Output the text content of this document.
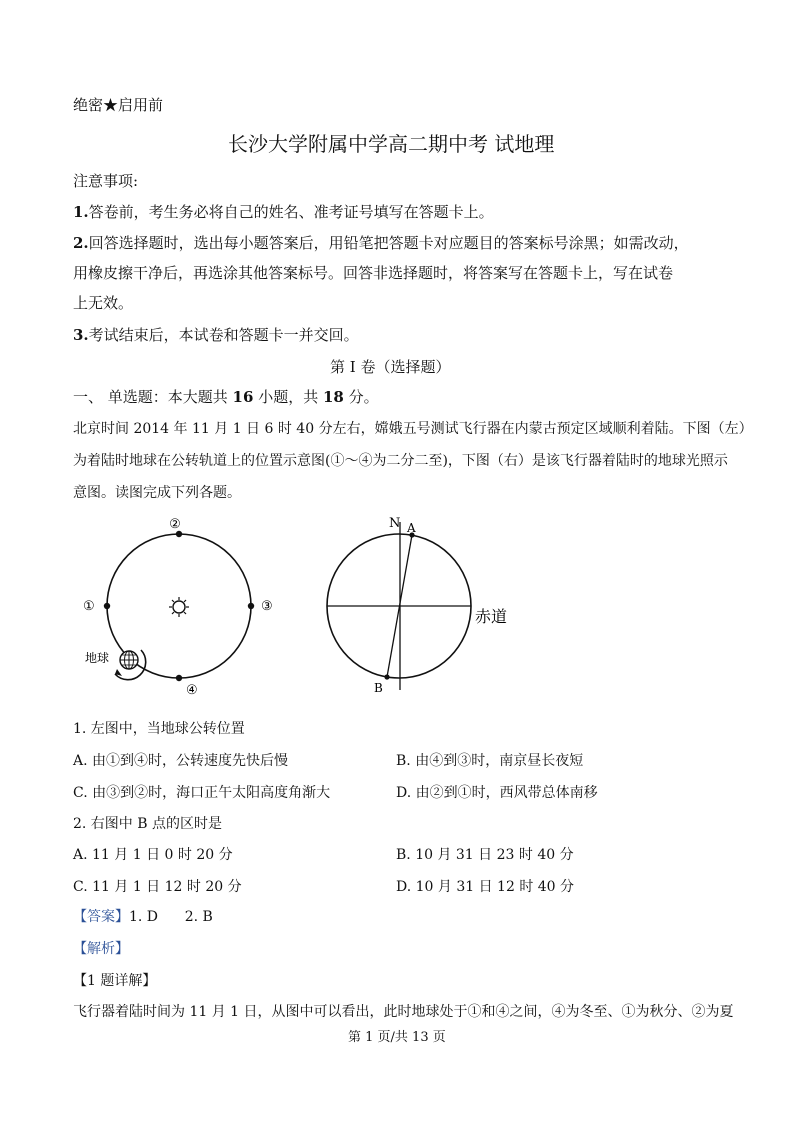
绝密★启用前
长沙大学附属中学高二期中考 试地理
注意事项:
1.答卷前，考生务必将自己的姓名、准考证号填写在答题卡上。
2.回答选择题时，选出每小题答案后，用铅笔把答题卡对应题目的答案标号涂黑；如需改动，
用橡皮擦干净后，再选涂其他答案标号。回答非选择题时，将答案写在答题卡上，写在试卷
上无效。
3.考试结束后，本试卷和答题卡一并交回。
第 I 卷（选择题）
一、 单选题：本大题共 16 小题，共 18 分。
北京时间 2014 年 11 月 1 日 6 时 40 分左右，嫦娥五号测试飞行器在内蒙古预定区域顺利着陆。下图（左）
为着陆时地球在公转轨道上的位置示意图(①～④为二分二至)，下图（右）是该飞行器着陆时的地球光照示
意图。读图完成下列各题。
②
③
①
④
地球
N A
B
赤道
1. 左图中，当地球公转位置
A. 由①到④时，公转速度先快后慢	B. 由④到③时，南京昼长夜短
C. 由③到②时，海口正午太阳高度角渐大	D. 由②到①时，西风带总体南移
2. 右图中 B 点的区时是
A. 11 月 1 日 0 时 20 分	B. 10 月 31 日 23 时 40 分
C. 11 月 1 日 12 时 20 分	D. 10 月 31 日 12 时 40 分
【答案】1. D      2. B
【解析】
【1 题详解】
飞行器着陆时间为 11 月 1 日，从图中可以看出，此时地球处于①和④之间，④为冬至、①为秋分、②为夏
第 1 页/共 13 页
